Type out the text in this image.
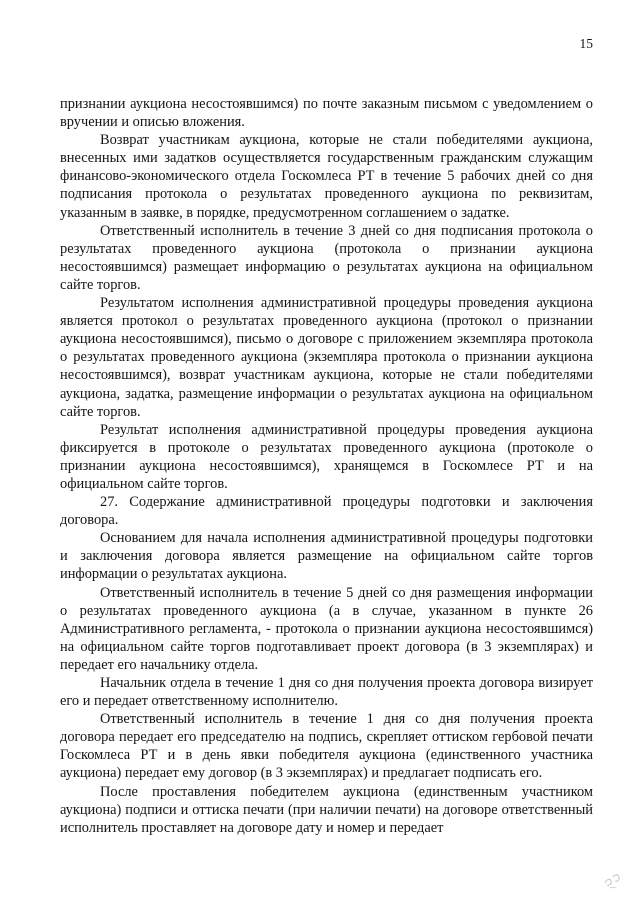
15

признании аукциона несостоявшимся) по почте заказным письмом с уведомлением о вручении и описью вложения.

Возврат участникам аукциона, которые не стали победителями аукциона, внесенных ими задатков осуществляется государственным гражданским служащим финансово-экономического отдела Госкомлеса РТ в течение 5 рабочих дней со дня подписания протокола о результатах проведенного аукциона по реквизитам, указанным в заявке, в порядке, предусмотренном соглашением о задатке.

Ответственный исполнитель в течение 3 дней со дня подписания протокола о результатах проведенного аукциона (протокола о признании аукциона несостоявшимся) размещает информацию о результатах аукциона на официальном сайте торгов.

Результатом исполнения административной процедуры проведения аукциона является протокол о результатах проведенного аукциона (протокол о признании аукциона несостоявшимся), письмо о договоре с приложением экземпляра протокола о результатах проведенного аукциона (экземпляра протокола о признании аукциона несостоявшимся), возврат участникам аукциона, которые не стали победителями аукциона, задатка, размещение информации о результатах аукциона на официальном сайте торгов.

Результат исполнения административной процедуры проведения аукциона фиксируется в протоколе о результатах проведенного аукциона (протоколе о признании аукциона несостоявшимся), хранящемся в Госкомлесе РТ и на официальном сайте торгов.

27. Содержание административной процедуры подготовки и заключения договора.

Основанием для начала исполнения административной процедуры подготовки и заключения договора является размещение на официальном сайте торгов информации о результатах аукциона.

Ответственный исполнитель в течение 5 дней со дня размещения информации о результатах проведенного аукциона (а в случае, указанном в пункте 26 Административного регламента, - протокола о признании аукциона несостоявшимся) на официальном сайте торгов подготавливает проект договора (в 3 экземплярах) и передает его начальнику отдела.

Начальник отдела в течение 1 дня со дня получения проекта договора визирует его и передает ответственному исполнителю.

Ответственный исполнитель в течение 1 дня со дня получения проекта договора передает его председателю на подпись, скрепляет оттиском гербовой печати Госкомлеса РТ и в день явки победителя аукциона (единственного участника аукциона) передает ему договор (в 3 экземплярах) и предлагает подписать его.

После проставления победителем аукциона (единственным участником аукциона) подписи и оттиска печати (при наличии печати) на договоре ответственный исполнитель проставляет на договоре дату и номер и передает
